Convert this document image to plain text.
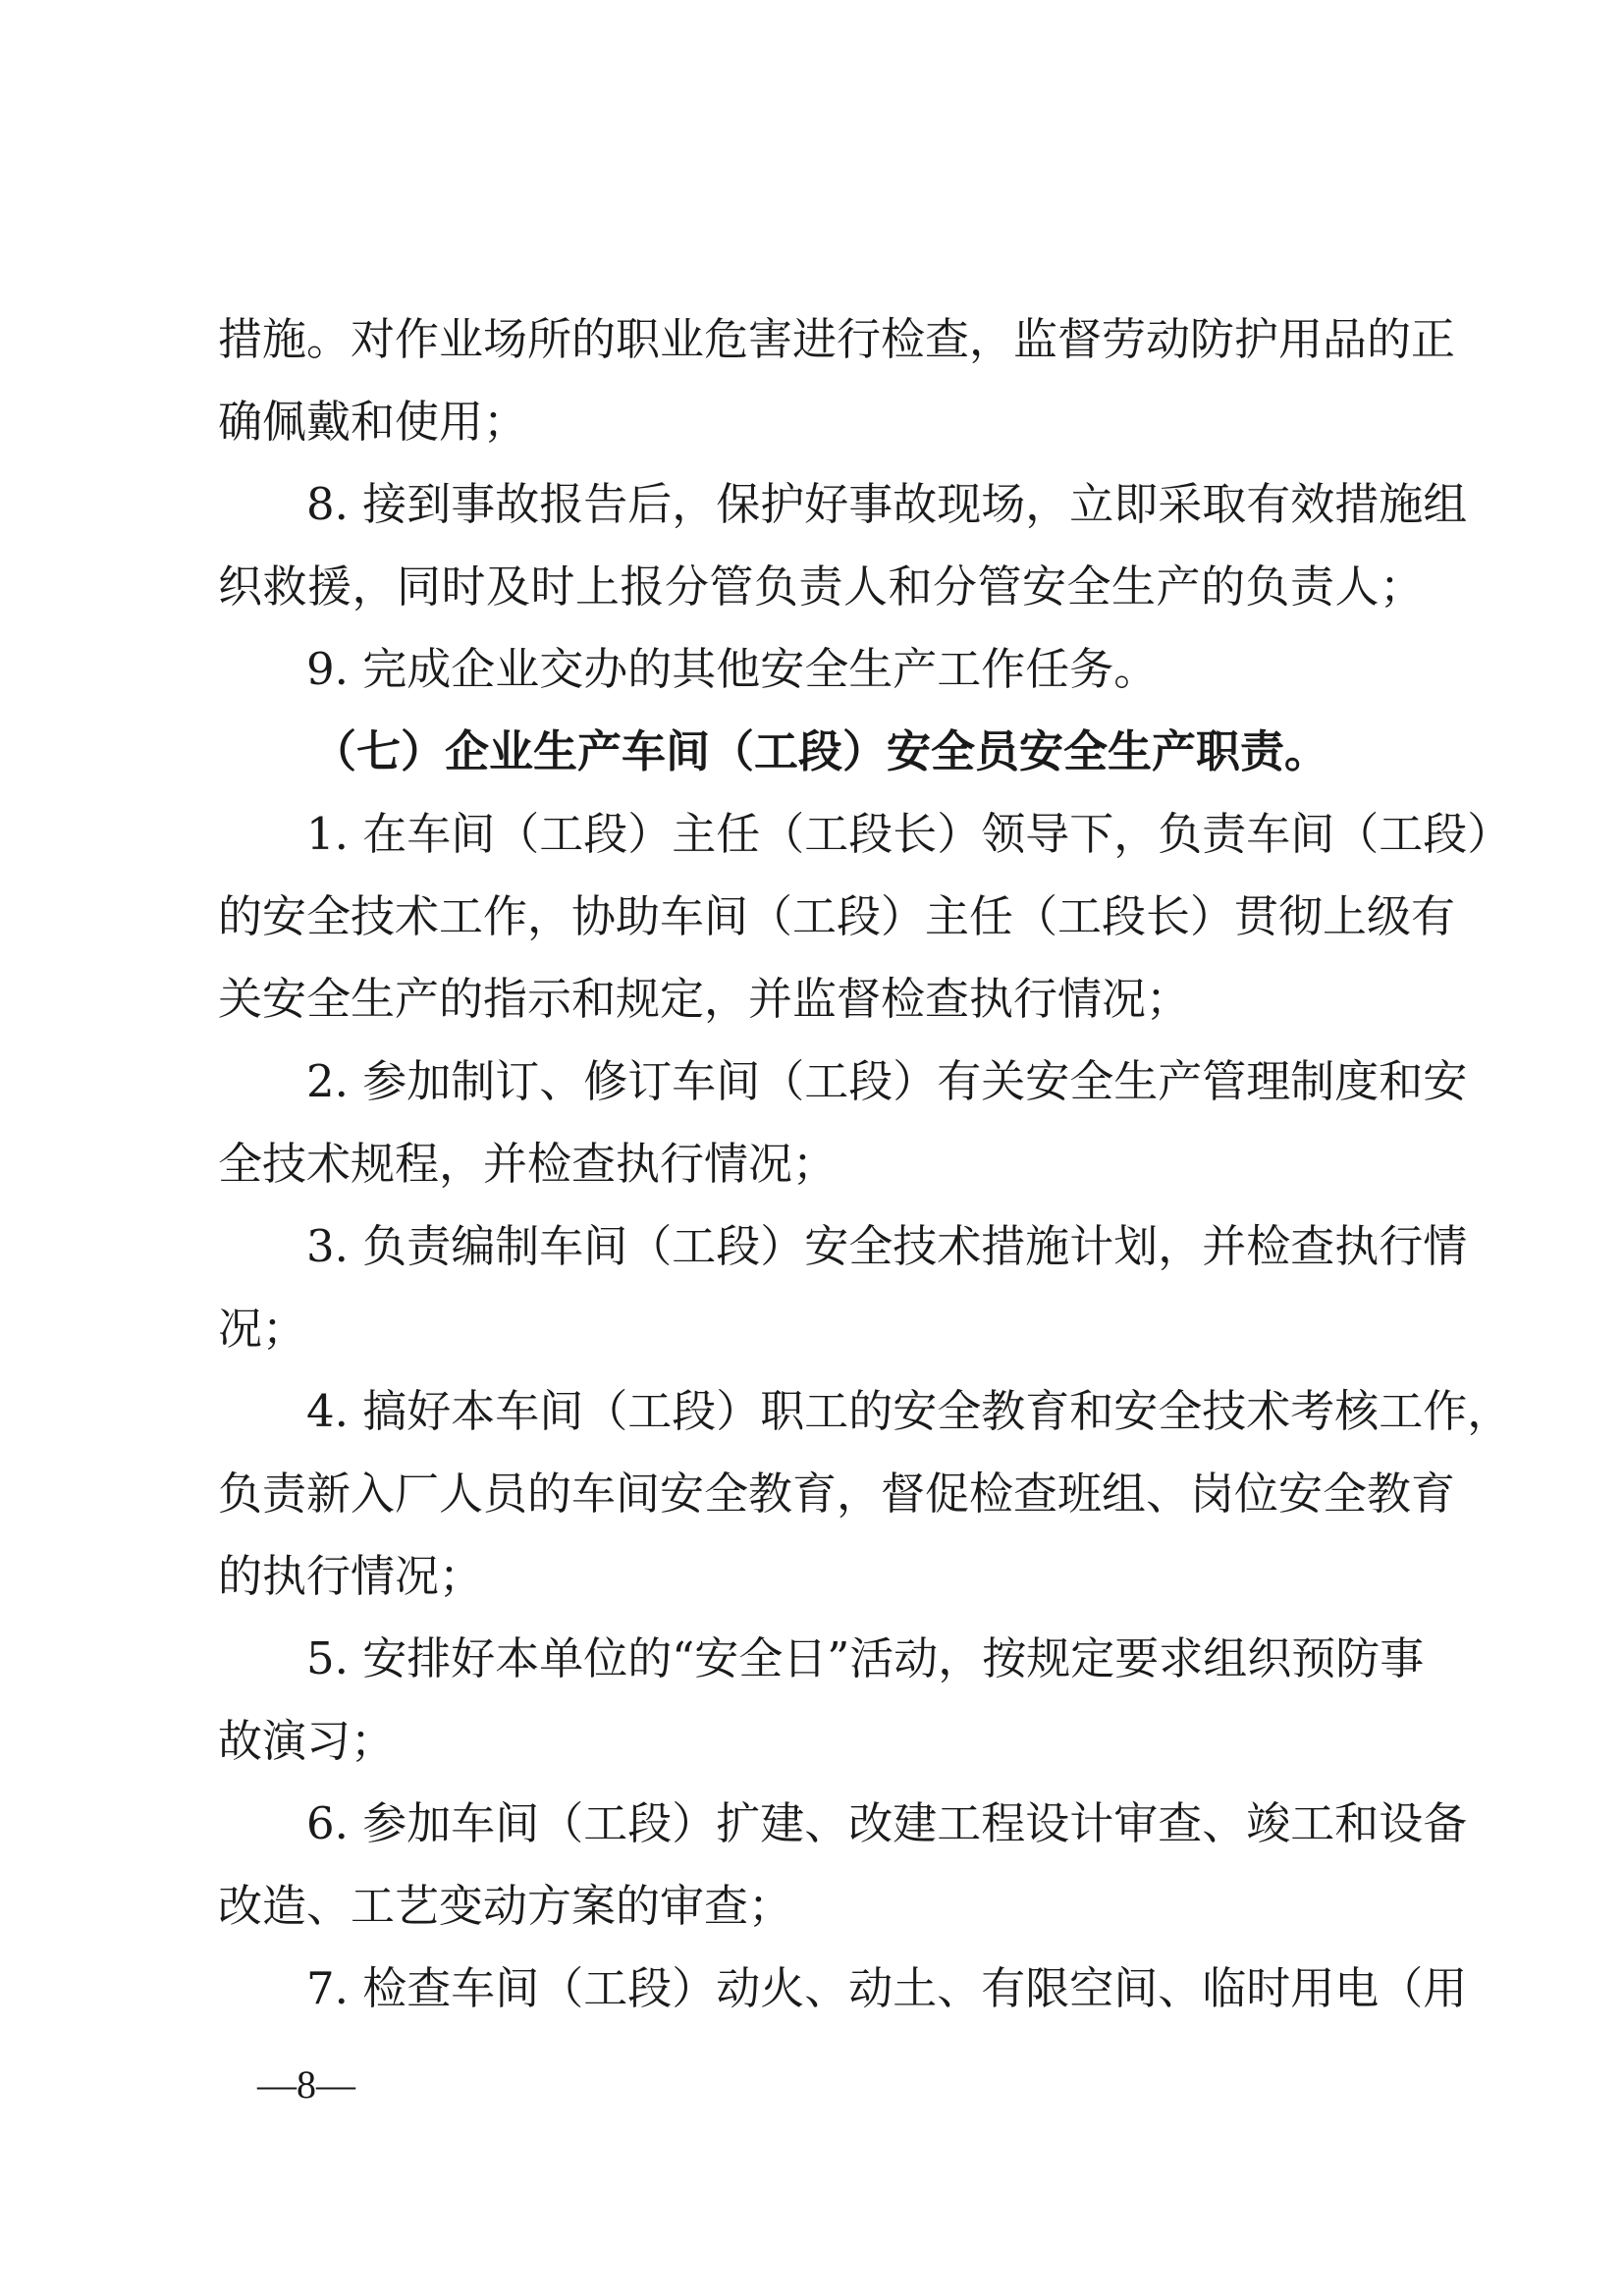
措施。对作业场所的职业危害进行检查，监督劳动防护用品的正
确佩戴和使用；
8. 接到事故报告后，保护好事故现场，立即采取有效措施组
织救援，同时及时上报分管负责人和分管安全生产的负责人；
9. 完成企业交办的其他安全生产工作任务。
（七）企业生产车间（工段）安全员安全生产职责。
1. 在车间（工段）主任（工段长）领导下，负责车间（工段）
的安全技术工作，协助车间（工段）主任（工段长）贯彻上级有
关安全生产的指示和规定，并监督检查执行情况；
2. 参加制订、修订车间（工段）有关安全生产管理制度和安
全技术规程，并检查执行情况；
3. 负责编制车间（工段）安全技术措施计划，并检查执行情
况；
4. 搞好本车间（工段）职工的安全教育和安全技术考核工作，
负责新入厂人员的车间安全教育，督促检查班组、岗位安全教育
的执行情况；
5. 安排好本单位的“安全日”活动，按规定要求组织预防事
故演习；
6. 参加车间（工段）扩建、改建工程设计审查、竣工和设备
改造、工艺变动方案的审查；
7. 检查车间（工段）动火、动土、有限空间、临时用电（用
—8—
